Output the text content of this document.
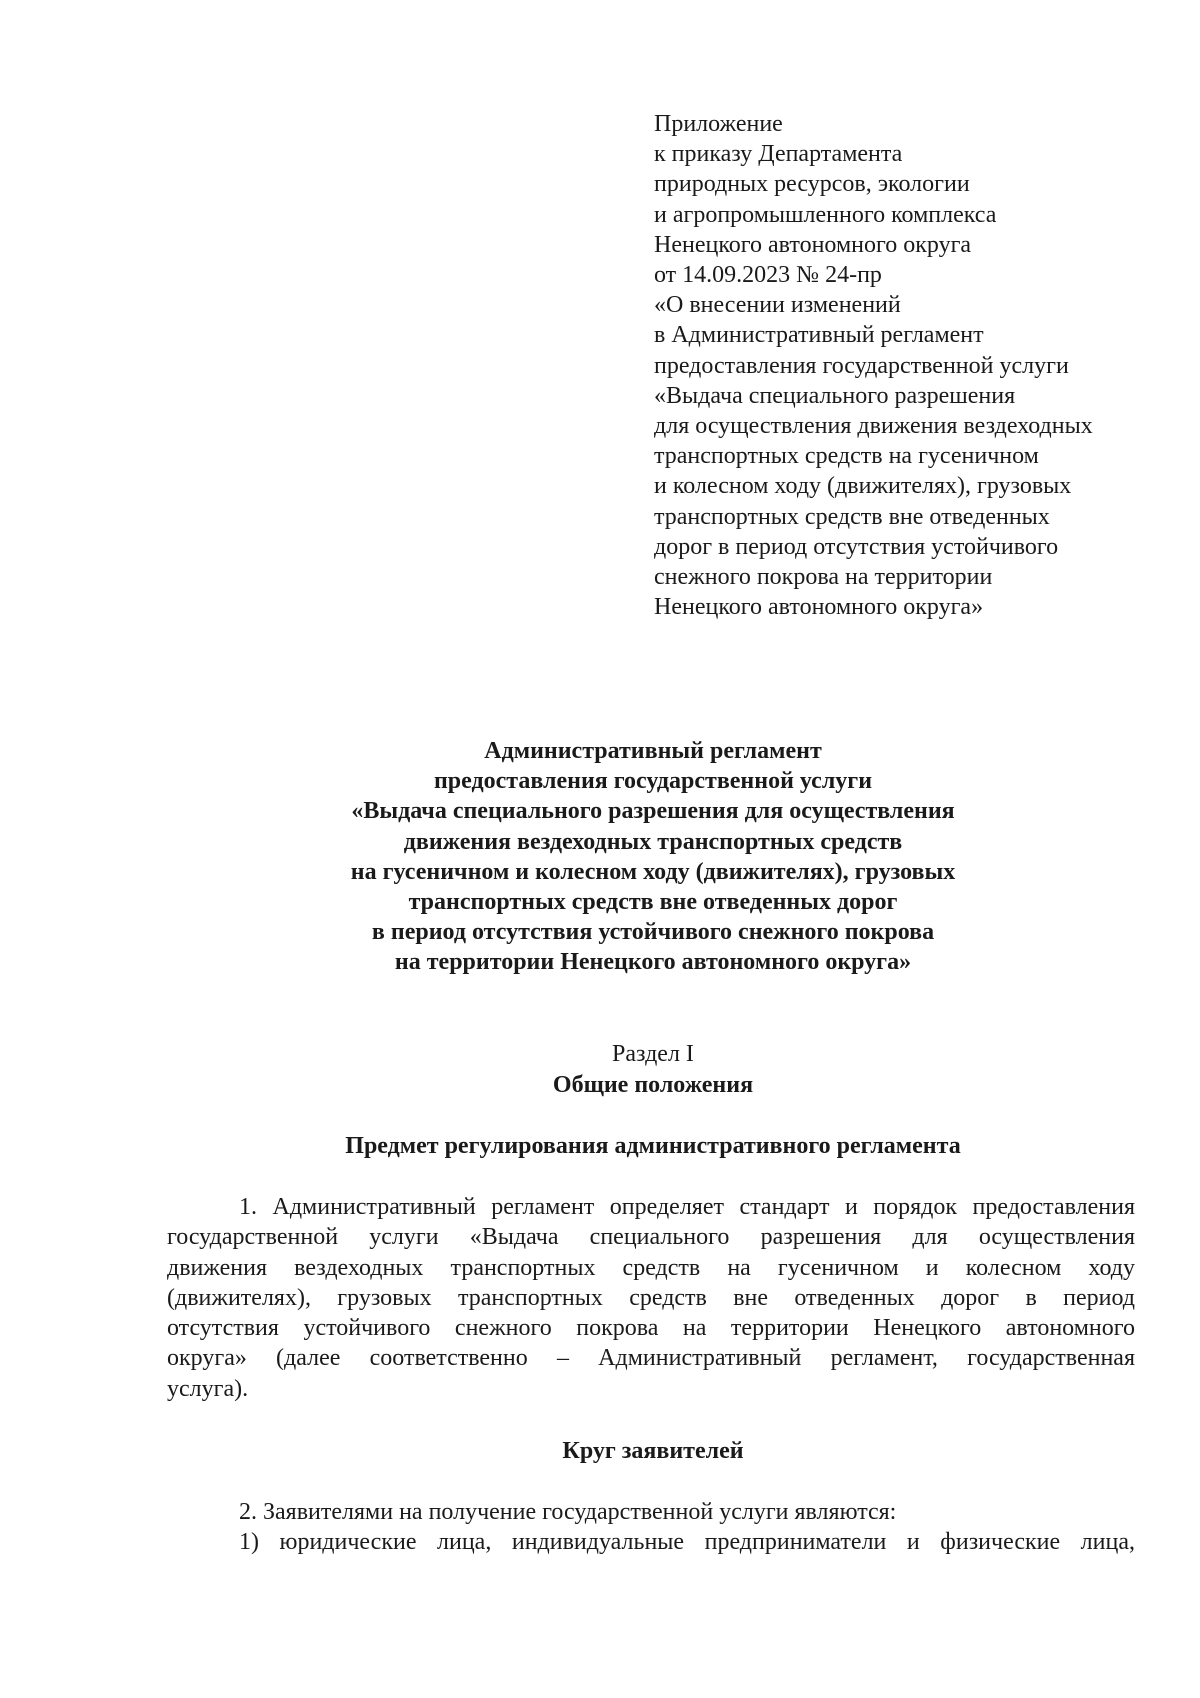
Приложение
к приказу Департамента
природных ресурсов, экологии
и агропромышленного комплекса
Ненецкого автономного округа
от 14.09.2023 № 24-пр
«О внесении изменений
в Административный регламент
предоставления государственной услуги
«Выдача специального разрешения
для осуществления движения вездеходных
транспортных средств на гусеничном
и колесном ходу (движителях), грузовых
транспортных средств вне отведенных
дорог в период отсутствия устойчивого
снежного покрова на территории
Ненецкого автономного округа»
Административный регламент
предоставления государственной услуги
«Выдача специального разрешения для осуществления
движения вездеходных транспортных средств
на гусеничном и колесном ходу (движителях), грузовых
транспортных средств вне отведенных дорог
в период отсутствия устойчивого снежного покрова
на территории Ненецкого автономного округа»
Раздел I
Общие положения
Предмет регулирования административного регламента
1. Административный регламент определяет стандарт и порядок предоставления
государственной услуги «Выдача специального разрешения для осуществления
движения вездеходных транспортных средств на гусеничном и колесном ходу
(движителях), грузовых транспортных средств вне отведенных дорог в период
отсутствия устойчивого снежного покрова на территории Ненецкого автономного
округа» (далее соответственно – Административный регламент, государственная
услуга).
Круг заявителей
2. Заявителями на получение государственной услуги являются:
1) юридические лица, индивидуальные предприниматели и физические лица,
